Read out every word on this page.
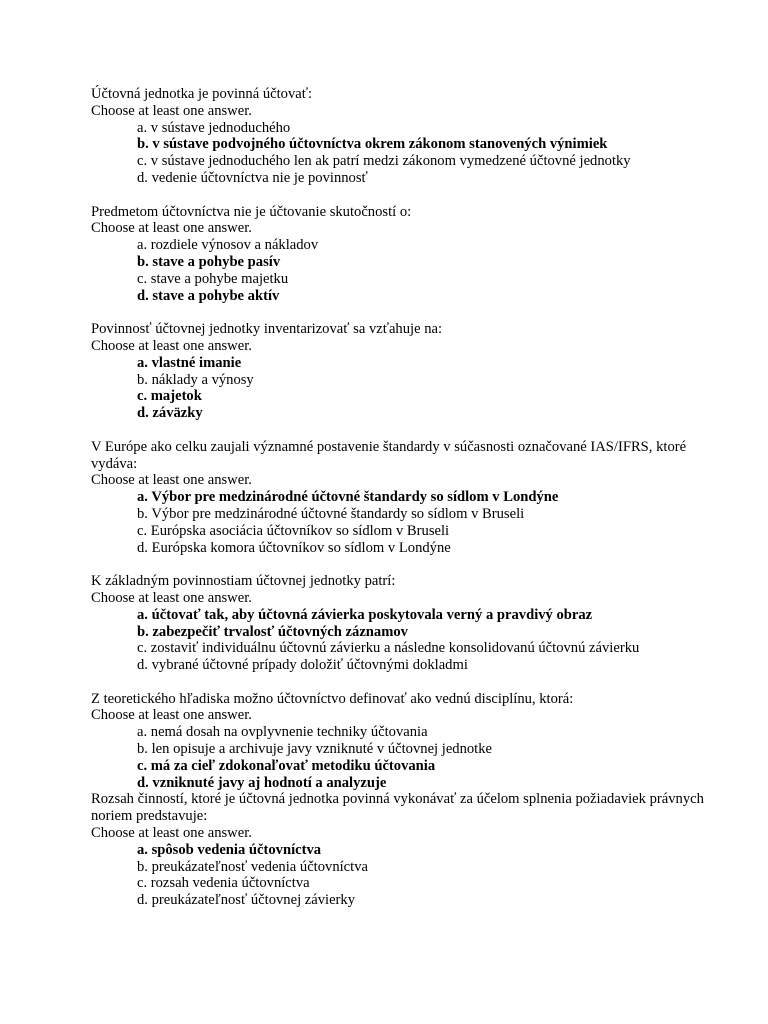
Účtovná jednotka je povinná účtovať:
Choose at least one answer.
a. v sústave jednoduchého
b. v sústave podvojného účtovníctva okrem zákonom stanovených výnimiek
c. v sústave jednoduchého len ak patrí medzi zákonom vymedzené účtovné jednotky
d. vedenie účtovníctva nie je povinnosť
Predmetom účtovníctva nie je účtovanie skutočností o:
Choose at least one answer.
a. rozdiele výnosov a nákladov
b. stave a pohybe pasív
c. stave a pohybe majetku
d. stave a pohybe aktív
Povinnosť účtovnej jednotky inventarizovať sa vzťahuje na:
Choose at least one answer.
a. vlastné imanie
b. náklady a výnosy
c. majetok
d. záväzky
V Európe ako celku zaujali významné postavenie štandardy v súčasnosti označované IAS/IFRS, ktoré vydáva:
Choose at least one answer.
a. Výbor pre medzinárodné účtovné štandardy so sídlom v Londýne
b. Výbor pre medzinárodné účtovné štandardy so sídlom v Bruseli
c. Európska asociácia účtovníkov so sídlom v Bruseli
d. Európska komora účtovníkov so sídlom v Londýne
K základným povinnostiam účtovnej jednotky patrí:
Choose at least one answer.
a. účtovať tak, aby účtovná závierka poskytovala verný a pravdivý obraz
b. zabezpečiť trvalosť účtovných záznamov
c. zostaviť individuálnu účtovnú závierku a následne konsolidovanú účtovnú závierku
d. vybrané účtovné prípady doložiť účtovnými dokladmi
Z teoretického hľadiska možno účtovníctvo definovať ako vednú disciplínu, ktorá:
Choose at least one answer.
a. nemá dosah na ovplyvnenie techniky účtovania
b. len opisuje a archivuje javy vzniknuté v účtovnej jednotke
c. má za cieľ zdokonaľovať metodiku účtovania
d. vzniknuté javy aj hodnotí a analyzuje
Rozsah činností, ktoré je účtovná jednotka povinná vykonávať za účelom splnenia požiadaviek právnych noriem predstavuje:
Choose at least one answer.
a. spôsob vedenia účtovníctva
b. preukázateľnosť vedenia účtovníctva
c. rozsah vedenia účtovníctva
d. preukázateľnosť účtovnej závierky
